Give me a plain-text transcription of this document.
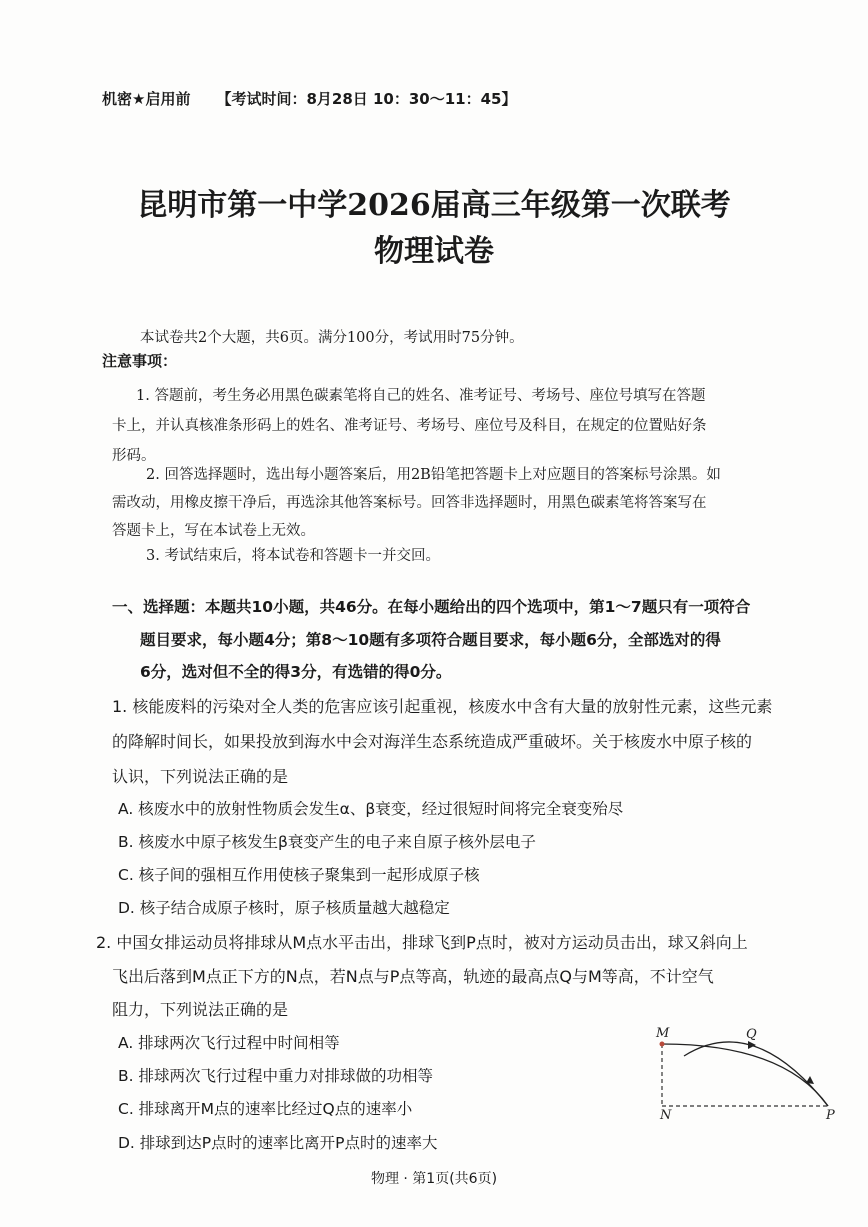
机密★启用前 【考试时间：8月28日 10：30～11：45】
昆明市第一中学2026届高三年级第一次联考
物理试卷
本试卷共2个大题，共6页。满分100分，考试用时75分钟。
注意事项：
1. 答题前，考生务必用黑色碳素笔将自己的姓名、准考证号、考场号、座位号填写在答题
卡上，并认真核准条形码上的姓名、准考证号、考场号、座位号及科目，在规定的位置贴好条
形码。
2. 回答选择题时，选出每小题答案后，用2B铅笔把答题卡上对应题目的答案标号涂黑。如
需改动，用橡皮擦干净后，再选涂其他答案标号。回答非选择题时，用黑色碳素笔将答案写在
答题卡上，写在本试卷上无效。
3. 考试结束后，将本试卷和答题卡一并交回。
一、选择题：本题共10小题，共46分。在每小题给出的四个选项中，第1～7题只有一项符合
题目要求，每小题4分；第8～10题有多项符合题目要求，每小题6分，全部选对的得
6分，选对但不全的得3分，有选错的得0分。
1. 核能废料的污染对全人类的危害应该引起重视，核废水中含有大量的放射性元素，这些元素
的降解时间长，如果投放到海水中会对海洋生态系统造成严重破坏。关于核废水中原子核的
认识，下列说法正确的是
A. 核废水中的放射性物质会发生α、β衰变，经过很短时间将完全衰变殆尽
B. 核废水中原子核发生β衰变产生的电子来自原子核外层电子
C. 核子间的强相互作用使核子聚集到一起形成原子核
D. 核子结合成原子核时，原子核质量越大越稳定
2. 中国女排运动员将排球从M点水平击出，排球飞到P点时，被对方运动员击出，球又斜向上
飞出后落到M点正下方的N点，若N点与P点等高，轨迹的最高点Q与M等高，不计空气
阻力，下列说法正确的是
A. 排球两次飞行过程中时间相等
B. 排球两次飞行过程中重力对排球做的功相等
C. 排球离开M点的速率比经过Q点的速率小
D. 排球到达P点时的速率比离开P点时的速率大
M	Q
N	P
物理 · 第1页(共6页)
